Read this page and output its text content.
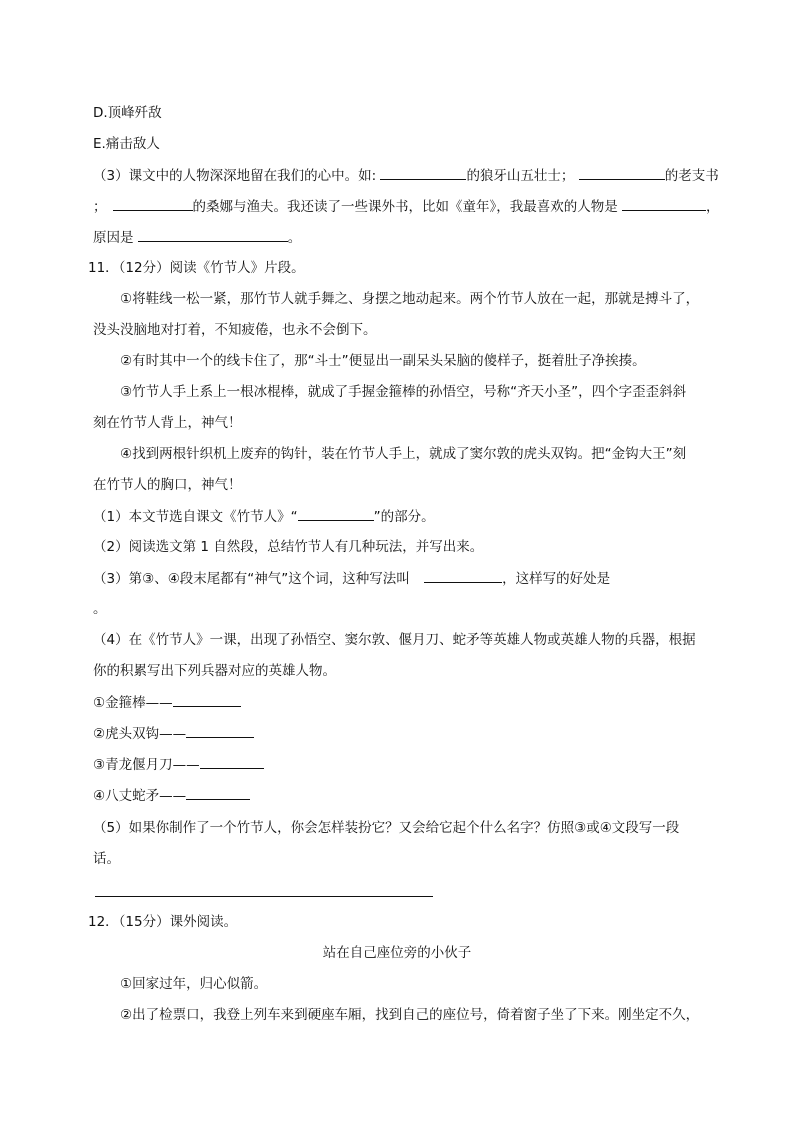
D.顶峰歼敌
E.痛击敌人
（3）课文中的人物深深地留在我们的心中。如:	的狼牙山五壮士；	的老支书
；	的桑娜与渔夫。我还读了一些课外书，比如《童年》，我最喜欢的人物是	，
原因是	。
11．（12分）阅读《竹节人》片段。
①将鞋线一松一紧，那竹节人就手舞之、身摆之地动起来。两个竹节人放在一起，那就是搏斗了，
没头没脑地对打着，不知疲倦，也永不会倒下。
②有时其中一个的线卡住了，那“斗士”便显出一副呆头呆脑的傻样子，挺着肚子净挨揍。
③竹节人手上系上一根冰棍棒，就成了手握金箍棒的孙悟空，号称“齐天小圣”，四个字歪歪斜斜
刻在竹节人背上，神气！
④找到两根针织机上废弃的钩针，装在竹节人手上，就成了窦尔敦的虎头双钩。把“金钩大王”刻
在竹节人的胸口，神气！
（1）本文节选自课文《竹节人》“	”的部分。
（2）阅读选文第 1 自然段，总结竹节人有几种玩法，并写出来。
（3）第③、④段末尾都有“神气”这个词，这种写法叫	，这样写的好处是
。
（4）在《竹节人》一课，出现了孙悟空、窦尔敦、偃月刀、蛇矛等英雄人物或英雄人物的兵器，根据
你的积累写出下列兵器对应的英雄人物。
①金箍棒——
②虎头双钩——
③青龙偃月刀——
④八丈蛇矛——
（5）如果你制作了一个竹节人，你会怎样装扮它？又会给它起个什么名字？仿照③或④文段写一段
话。
12．（15分）课外阅读。
站在自己座位旁的小伙子
①回家过年，归心似箭。
②出了检票口，我登上列车来到硬座车厢，找到自己的座位号，倚着窗子坐了下来。刚坐定不久，
